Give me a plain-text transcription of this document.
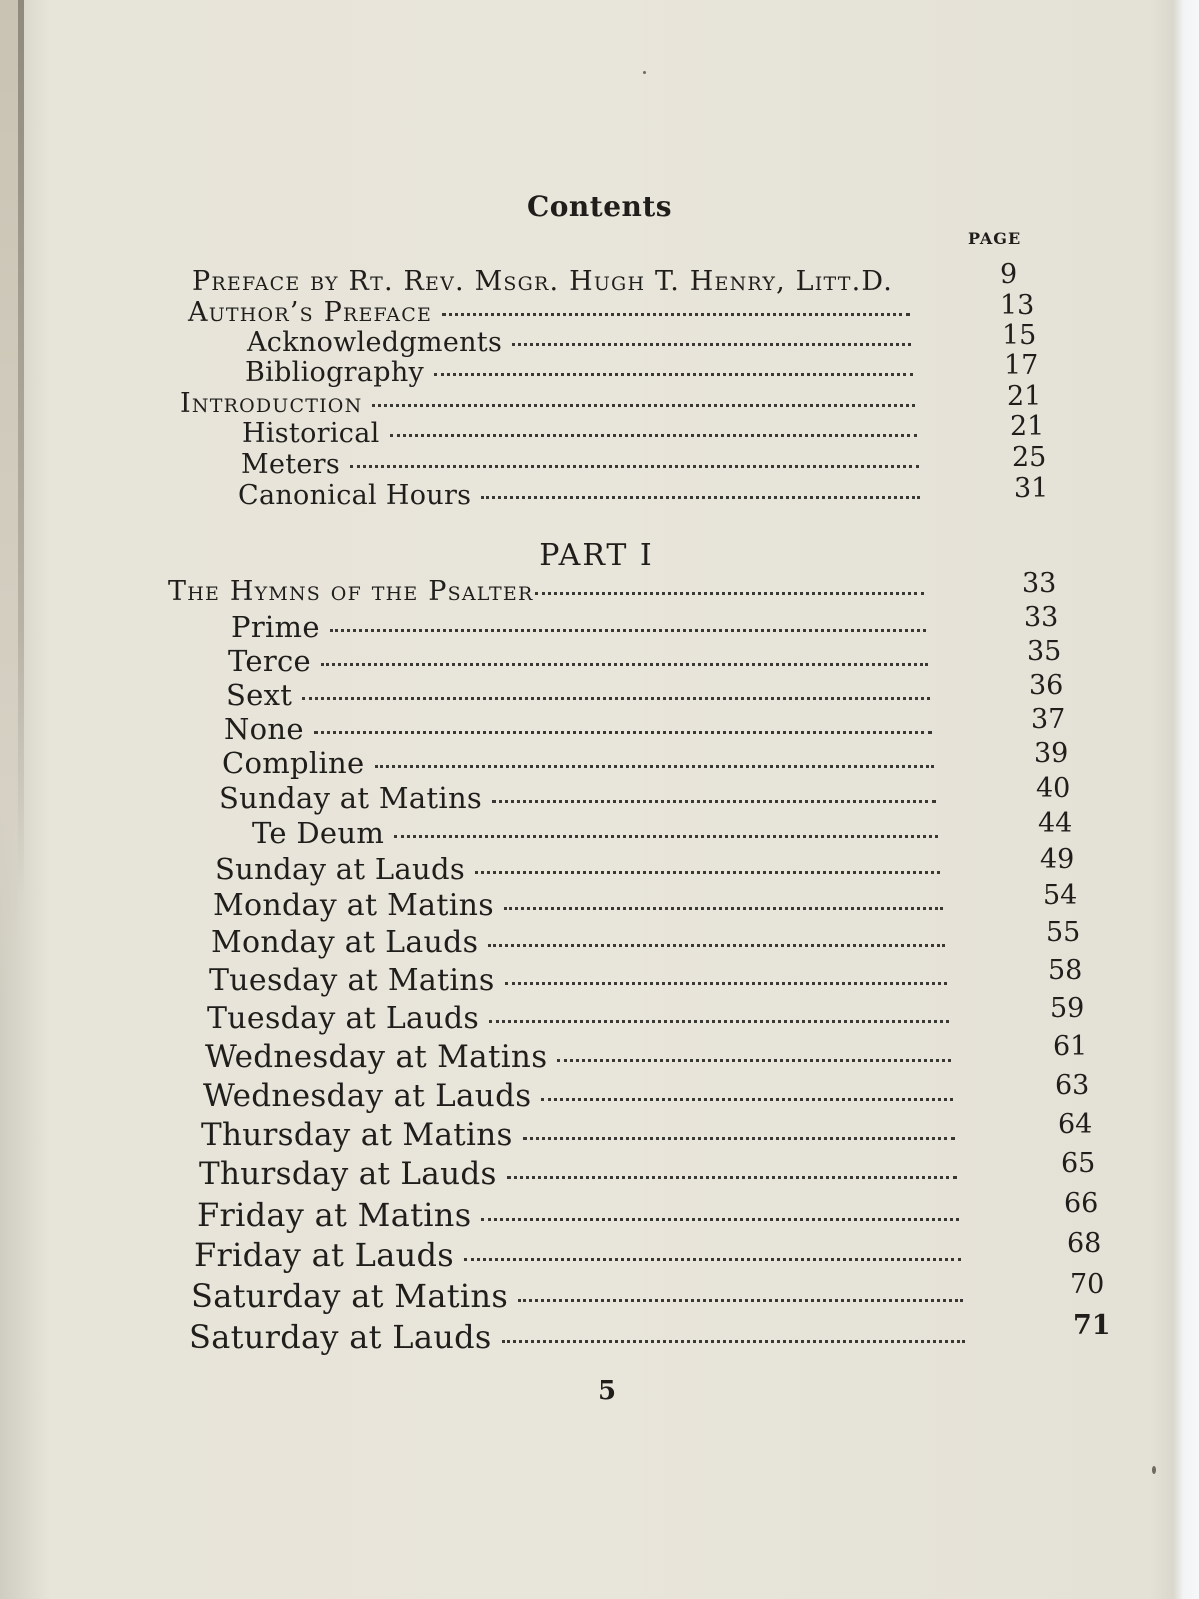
Contents
PAGE
Preface by Rt. Rev. Msgr. Hugh T. Henry, Litt.D.	9
Author’s Preface	13
Acknowledgments	15
Bibliography	17
Introduction	21
Historical	21
Meters	25
Canonical Hours	31
PART I
The Hymns of the Psalter	33
Prime	33
Terce	35
Sext	36
None	37
Compline	39
Sunday at Matins	40
Te Deum	44
Sunday at Lauds	49
Monday at Matins	54
Monday at Lauds	55
Tuesday at Matins	58
Tuesday at Lauds	59
Wednesday at Matins	61
Wednesday at Lauds	63
Thursday at Matins	64
Thursday at Lauds	65
Friday at Matins	66
Friday at Lauds	68
Saturday at Matins	70
Saturday at Lauds	71
5
